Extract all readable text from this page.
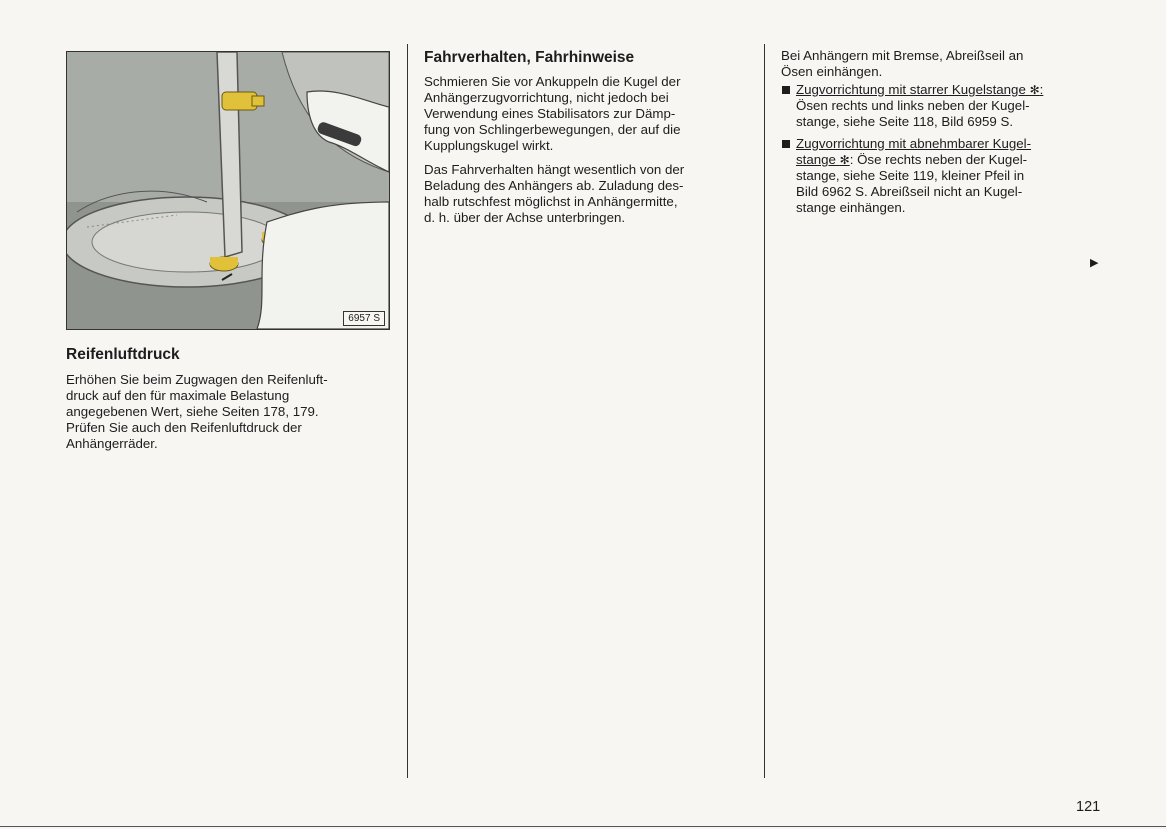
6957 S
Reifenluftdruck

Erhöhen Sie beim Zugwagen den Reifenluft-
druck auf den für maximale Belastung
angegebenen Wert, siehe Seiten 178, 179.
Prüfen Sie auch den Reifenluftdruck der
Anhängerräder.

Fahrverhalten, Fahrhinweise

Schmieren Sie vor Ankuppeln die Kugel der
Anhängerzugvorrichtung, nicht jedoch bei
Verwendung eines Stabilisators zur Dämp-
fung von Schlingerbewegungen, der auf die
Kupplungskugel wirkt.

Das Fahrverhalten hängt wesentlich von der
Beladung des Anhängers ab. Zuladung des-
halb rutschfest möglichst in Anhängermitte,
d. h. über der Achse unterbringen.

Bei Anhängern mit Bremse, Abreißseil an
Ösen einhängen.

Zugvorrichtung mit starrer Kugelstange ✻:
Ösen rechts und links neben der Kugel-
stange, siehe Seite 118, Bild 6959 S.
Zugvorrichtung mit abnehmbarer Kugel-
stange ✻: Öse rechts neben der Kugel-
stange, siehe Seite 119, kleiner Pfeil in
Bild 6962 S. Abreißseil nicht an Kugel-
stange einhängen.
▶
121
